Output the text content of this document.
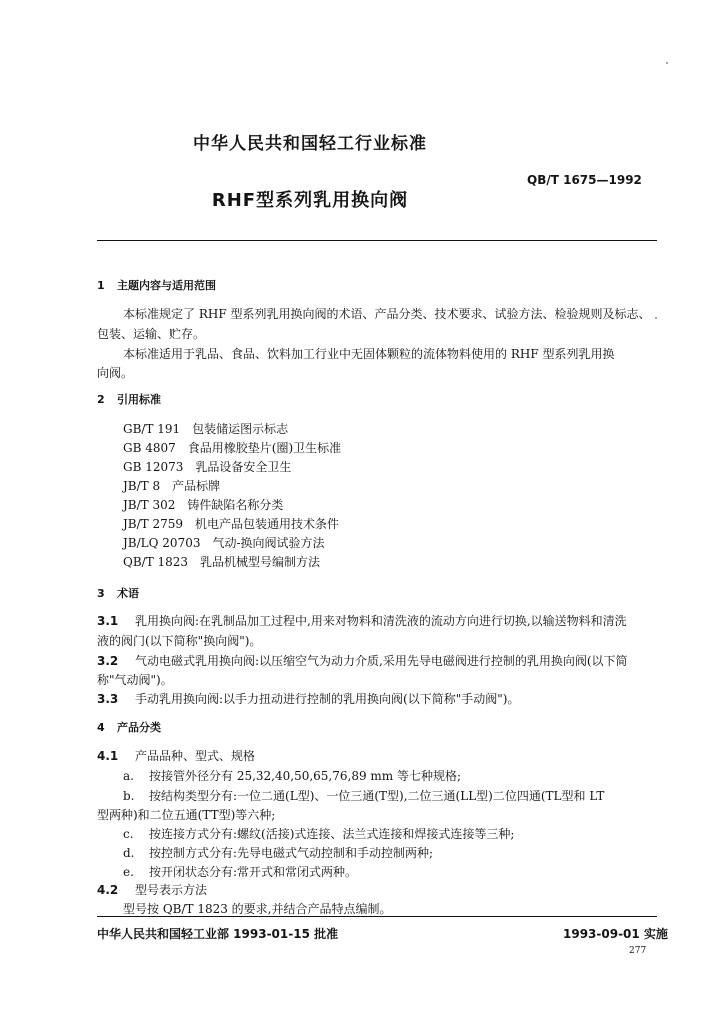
中华人民共和国轻工行业标准
QB/T 1675—1992
RHF型系列乳用换向阀
1 主题内容与适用范围
本标准规定了 RHF 型系列乳用换向阀的术语、产品分类、技术要求、试验方法、检验规则及标志、
包装、运输、贮存。
本标准适用于乳品、食品、饮料加工行业中无固体颗粒的流体物料使用的 RHF 型系列乳用换
向阀。
2 引用标准
GB/T 191　包装储运图示标志
GB 4807　食品用橡胶垫片(圈)卫生标准
GB 12073　乳品设备安全卫生
JB/T 8　产品标牌
JB/T 302　铸件缺陷名称分类
JB/T 2759　机电产品包装通用技术条件
JB/LQ 20703　气动-换向阀试验方法
QB/T 1823　乳品机械型号编制方法
3 术语
3.1 乳用换向阀:在乳制品加工过程中,用来对物料和清洗液的流动方向进行切换,以输送物料和清洗
液的阀门(以下简称"换向阀")。
3.2 气动电磁式乳用换向阀:以压缩空气为动力介质,采用先导电磁阀进行控制的乳用换向阀(以下简
称"气动阀")。
3.3 手动乳用换向阀:以手力扭动进行控制的乳用换向阀(以下简称"手动阀")。
4 产品分类
4.1 产品品种、型式、规格
a. 按接管外径分有 25,32,40,50,65,76,89 mm 等七种规格;
b. 按结构类型分有:一位二通(L型)、一位三通(T型),二位三通(LL型)二位四通(TL型和 LT
型两种)和二位五通(TT型)等六种;
c. 按连接方式分有:螺纹(活接)式连接、法兰式连接和焊接式连接等三种;
d. 按控制方式分有:先导电磁式气动控制和手动控制两种;
e. 按开闭状态分有:常开式和常闭式两种。
4.2 型号表示方法
型号按 QB/T 1823 的要求,并结合产品特点编制。
中华人民共和国轻工业部 1993-01-15 批准	1993-09-01 实施
277
